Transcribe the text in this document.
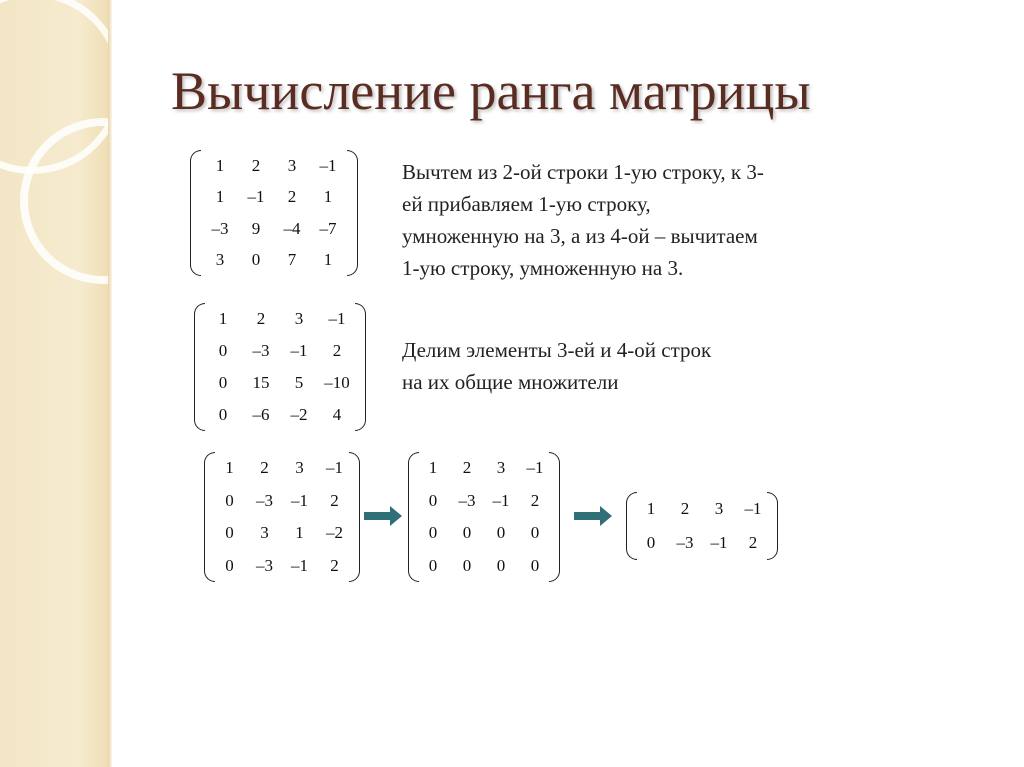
Вычисление ранга матрицы
1	2	3	–1
1	–1	2	1
–3	9	–4	–7
3	0	7	1
Вычтем из 2-ой строки 1-ую строку, к 3-
ей прибавляем 1-ую строку,
умноженную на 3, а из 4-ой – вычитаем
1-ую строку, умноженную на 3.
1	2	3	–1
0	–3	–1	2
0	15	5	–10
0	–6	–2	4
Делим элементы 3-ей и 4-ой строк
на их общие множители
1	2	3	–1
0	–3	–1	2
0	3	1	–2
0	–3	–1	2
1	2	3	–1
0	–3	–1	2
0	0	0	0
0	0	0	0
1	2	3	–1
0	–3	–1	2
